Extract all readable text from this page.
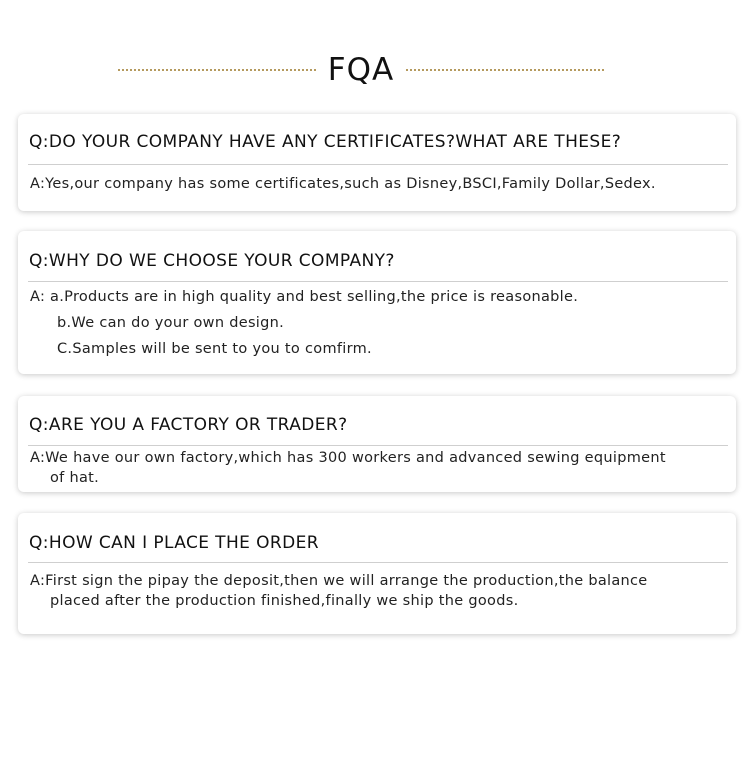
FQA
Q:DO YOUR COMPANY HAVE ANY CERTIFICATES?WHAT ARE THESE?
A:Yes,our company has some certificates,such as Disney,BSCI,Family Dollar,Sedex.
Q:WHY DO WE CHOOSE YOUR COMPANY?
A: a.Products are in high quality and best selling,the price is reasonable.
b.We can do your own design.
C.Samples will be sent to you to comfirm.
Q:ARE YOU A FACTORY OR TRADER?
A:We have our own factory,which has 300 workers and advanced sewing equipment
of hat.
Q:HOW CAN I PLACE THE ORDER
A:First sign the pipay the deposit,then we will arrange the production,the balance
placed after the production finished,finally we ship the goods.
